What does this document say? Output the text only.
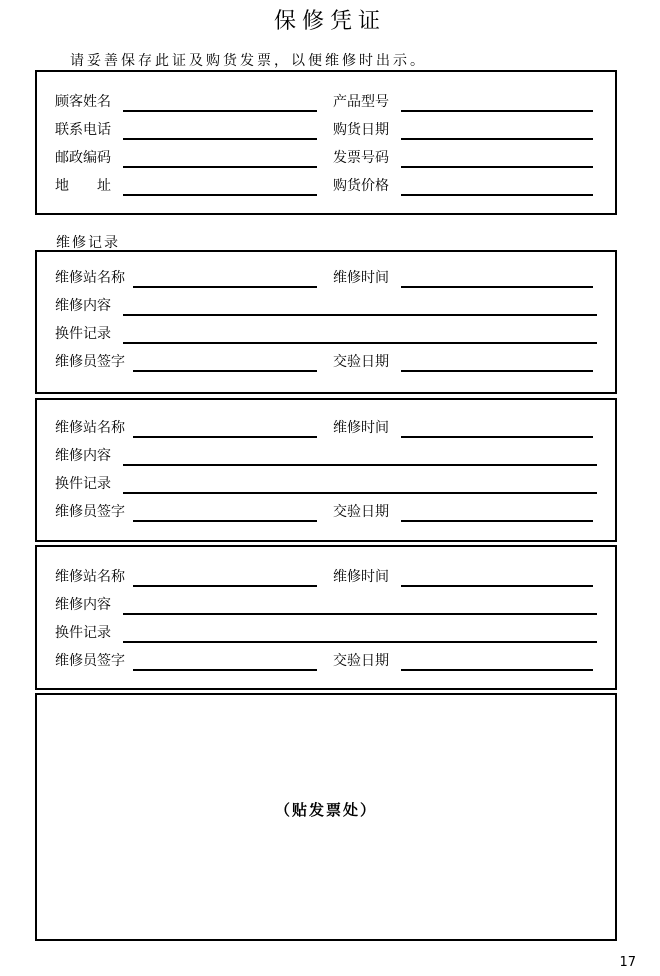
保修凭证
请妥善保存此证及购货发票，以便维修时出示。
顾客姓名	产品型号
联系电话	购货日期
邮政编码	发票号码
地　　址	购货价格
维修记录
维修站名称	维修时间
维修内容
换件记录
维修员签字	交验日期
维修站名称	维修时间
维修内容
换件记录
维修员签字	交验日期
维修站名称	维修时间
维修内容
换件记录
维修员签字	交验日期
（贴发票处）
17
